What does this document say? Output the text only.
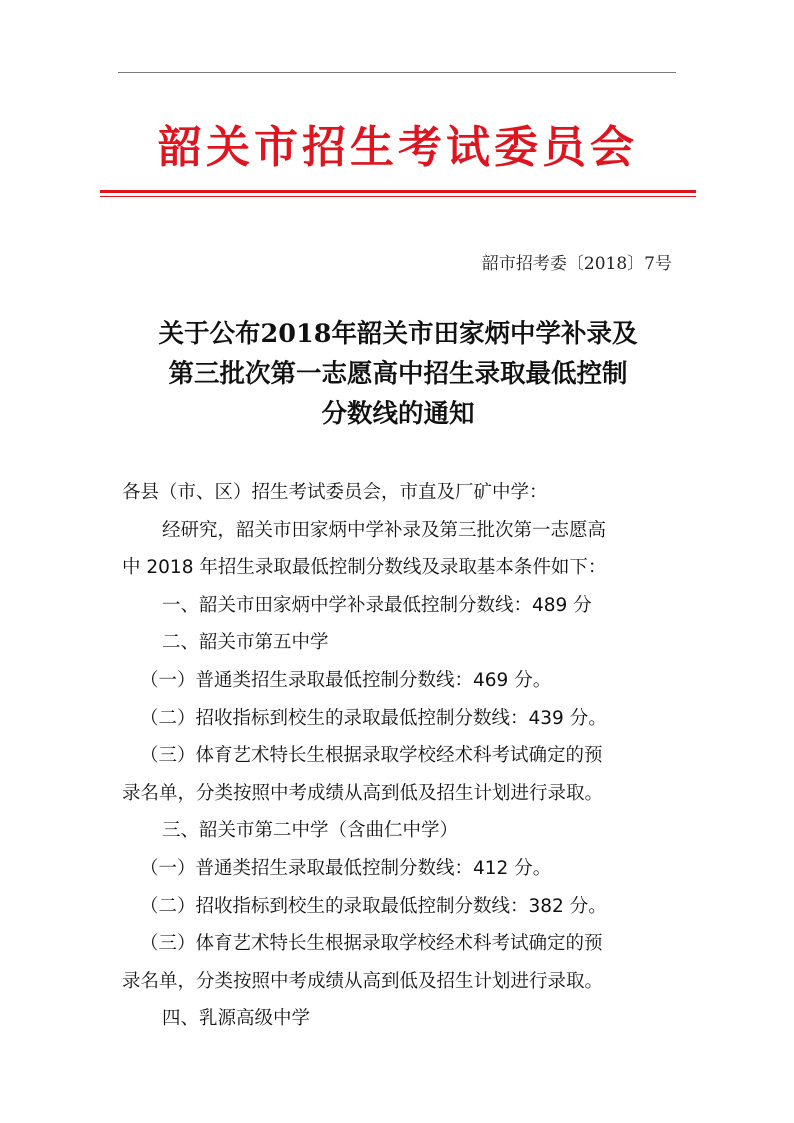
韶关市招生考试委员会
韶市招考委〔2018〕7号
关于公布2018年韶关市田家炳中学补录及
第三批次第一志愿高中招生录取最低控制
分数线的通知

各县（市、区）招生考试委员会，市直及厂矿中学：

经研究，韶关市田家炳中学补录及第三批次第一志愿高

中 2018 年招生录取最低控制分数线及录取基本条件如下：

一、韶关市田家炳中学补录最低控制分数线：489 分

二、韶关市第五中学

（一）普通类招生录取最低控制分数线：469 分。

（二）招收指标到校生的录取最低控制分数线：439 分。

（三）体育艺术特长生根据录取学校经术科考试确定的预

录名单，分类按照中考成绩从高到低及招生计划进行录取。

三、韶关市第二中学（含曲仁中学）

（一）普通类招生录取最低控制分数线：412 分。

（二）招收指标到校生的录取最低控制分数线：382 分。

（三）体育艺术特长生根据录取学校经术科考试确定的预

录名单，分类按照中考成绩从高到低及招生计划进行录取。

四、乳源高级中学
